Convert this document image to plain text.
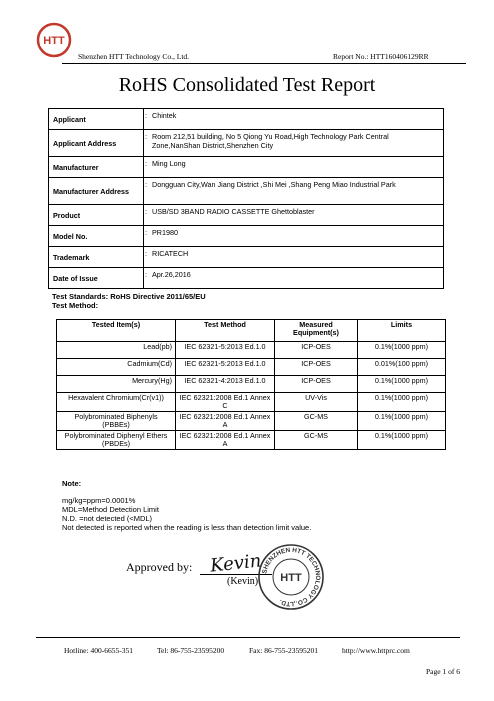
HTT
Shenzhen HTT Technology Co., Ltd.	Report No.: HTT160406129RR
RoHS Consolidated Test Report
Applicant	:	Chintek
Applicant Address	:	Room 212,51 building, No 5 Qiong Yu Road,High Technology Park Central Zone,NanShan District,Shenzhen City
Manufacturer	:	Ming Long
Manufacturer Address	:	Dongguan City,Wan Jiang District ,Shi Mei ,Shang Peng Miao Industrial Park
Product	:	USB/SD 3BAND RADIO CASSETTE Ghettoblaster
Model No.	:	PR1980
Trademark	:	RICATECH
Date of Issue	:	Apr.26,2016
Test Standards: RoHS Directive 2011/65/EU
Test Method:
Tested Item(s)	Test Method	Measured Equipment(s)	Limits
Lead(pb)	IEC 62321-5:2013 Ed.1.0	ICP-OES	0.1%(1000 ppm)
Cadmium(Cd)	IEC 62321-5:2013 Ed.1.0	ICP-OES	0.01%(100 ppm)
Mercury(Hg)	IEC 62321-4:2013 Ed.1.0	ICP-OES	0.1%(1000 ppm)
Hexavalent Chromium(Cr(v1))	IEC 62321:2008 Ed.1 Annex C	UV-Vis	0.1%(1000 ppm)
Polybrominated Biphenyls (PBBEs)	IEC 62321:2008 Ed.1 Annex A	GC-MS	0.1%(1000 ppm)
Polybrominated Diphenyl Ethers (PBDEs)	IEC 62321:2008 Ed.1 Annex A	GC-MS	0.1%(1000 ppm)
Note:
mg/kg=ppm=0.0001%
MDL=Method Detection Limit
N.D. =not detected (<MDL)
Not detected is reported when the reading is less than detection limit value.
Approved by:
(Kevin)
Kevin
SHENZHEN HTT TECHNOLOGY CO.,LTD.
HTT
Hotline: 400-6655-351	Tel: 86-755-23595200	Fax: 86-755-23595201	http://www.httprc.com
Page 1 of 6
